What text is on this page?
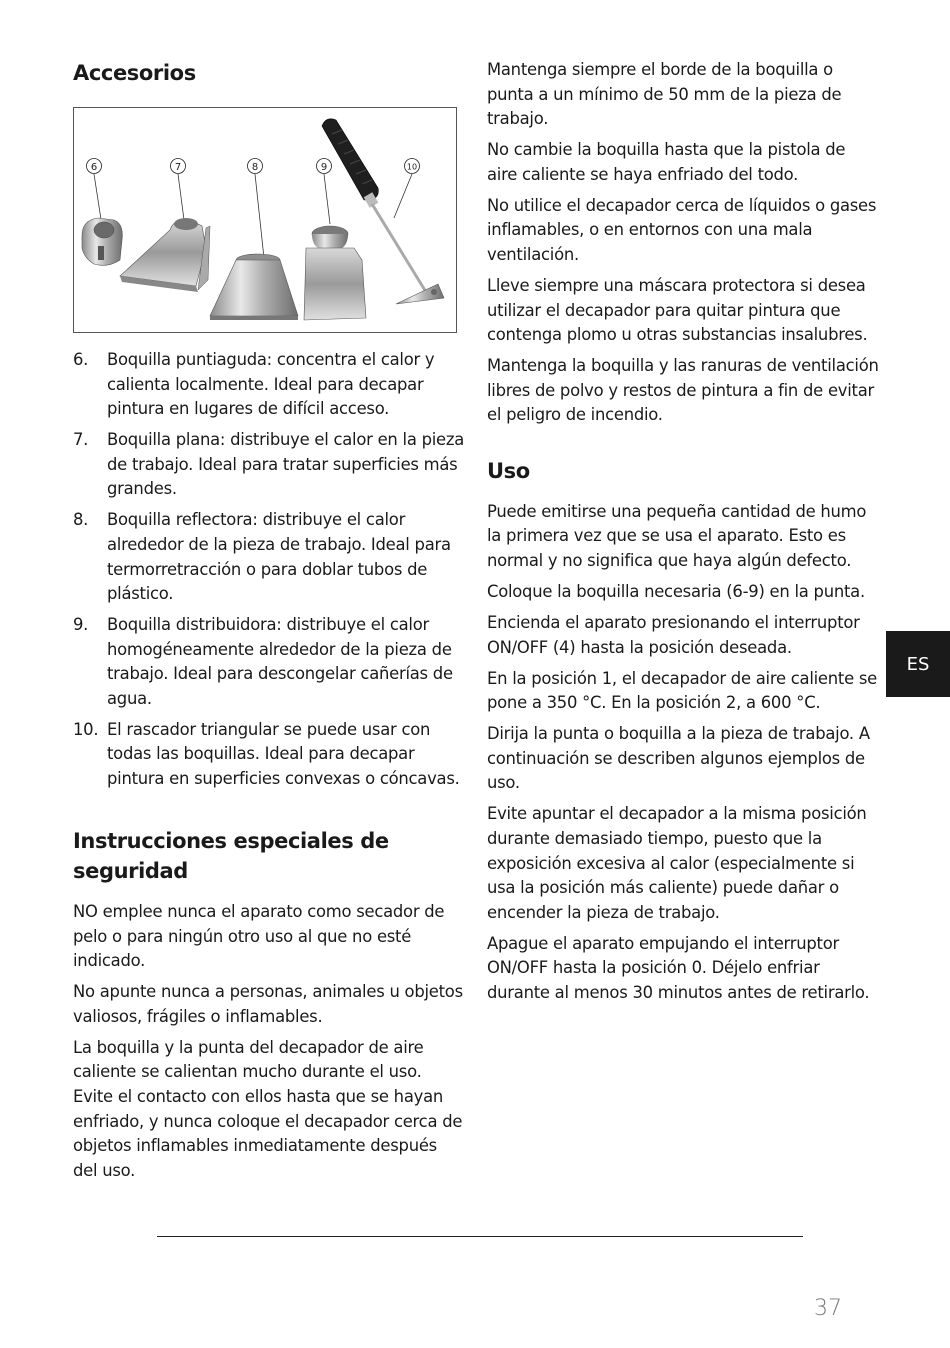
Accesorios
6	7	8	9	10
6. Boquilla puntiaguda: concentra el calor y calienta localmente. Ideal para decapar pintura en lugares de difícil acceso.
7. Boquilla plana: distribuye el calor en la pieza de trabajo. Ideal para tratar superficies más grandes.
8. Boquilla reflectora: distribuye el calor alrededor de la pieza de trabajo. Ideal para termorretracción o para doblar tubos de plástico.
9. Boquilla distribuidora: distribuye el calor homogéneamente alrededor de la pieza de trabajo. Ideal para descongelar cañerías de agua.
10. El rascador triangular se puede usar con todas las boquillas. Ideal para decapar pintura en superficies convexas o cóncavas.
Instrucciones especiales de seguridad

NO emplee nunca el aparato como secador de pelo o para ningún otro uso al que no esté indicado.

No apunte nunca a personas, animales u objetos valiosos, frágiles o inflamables.

La boquilla y la punta del decapador de aire caliente se calientan mucho durante el uso. Evite el contacto con ellos hasta que se hayan enfriado, y nunca coloque el decapador cerca de objetos inflamables inmediatamente después del uso.

Mantenga siempre el borde de la boquilla o punta a un mínimo de 50 mm de la pieza de trabajo.

No cambie la boquilla hasta que la pistola de aire caliente se haya enfriado del todo.

No utilice el decapador cerca de líquidos o gases inflamables, o en entornos con una mala ventilación.

Lleve siempre una máscara protectora si desea utilizar el decapador para quitar pintura que contenga plomo u otras substancias insalubres.

Mantenga la boquilla y las ranuras de ventilación libres de polvo y restos de pintura a fin de evitar el peligro de incendio.

Uso

Puede emitirse una pequeña cantidad de humo la primera vez que se usa el aparato. Esto es normal y no significa que haya algún defecto.

Coloque la boquilla necesaria (6-9) en la punta.

Encienda el aparato presionando el interruptor ON/OFF (4) hasta la posición deseada.

En la posición 1, el decapador de aire caliente se pone a 350 °C. En la posición 2, a 600 °C.

Dirija la punta o boquilla a la pieza de trabajo. A continuación se describen algunos ejemplos de uso.

Evite apuntar el decapador a la misma posición durante demasiado tiempo, puesto que la exposición excesiva al calor (especialmente si usa la posición más caliente) puede dañar o encender la pieza de trabajo.

Apague el aparato empujando el interruptor ON/OFF hasta la posición 0. Déjelo enfriar durante al menos 30 minutos antes de retirarlo.

ES
37
